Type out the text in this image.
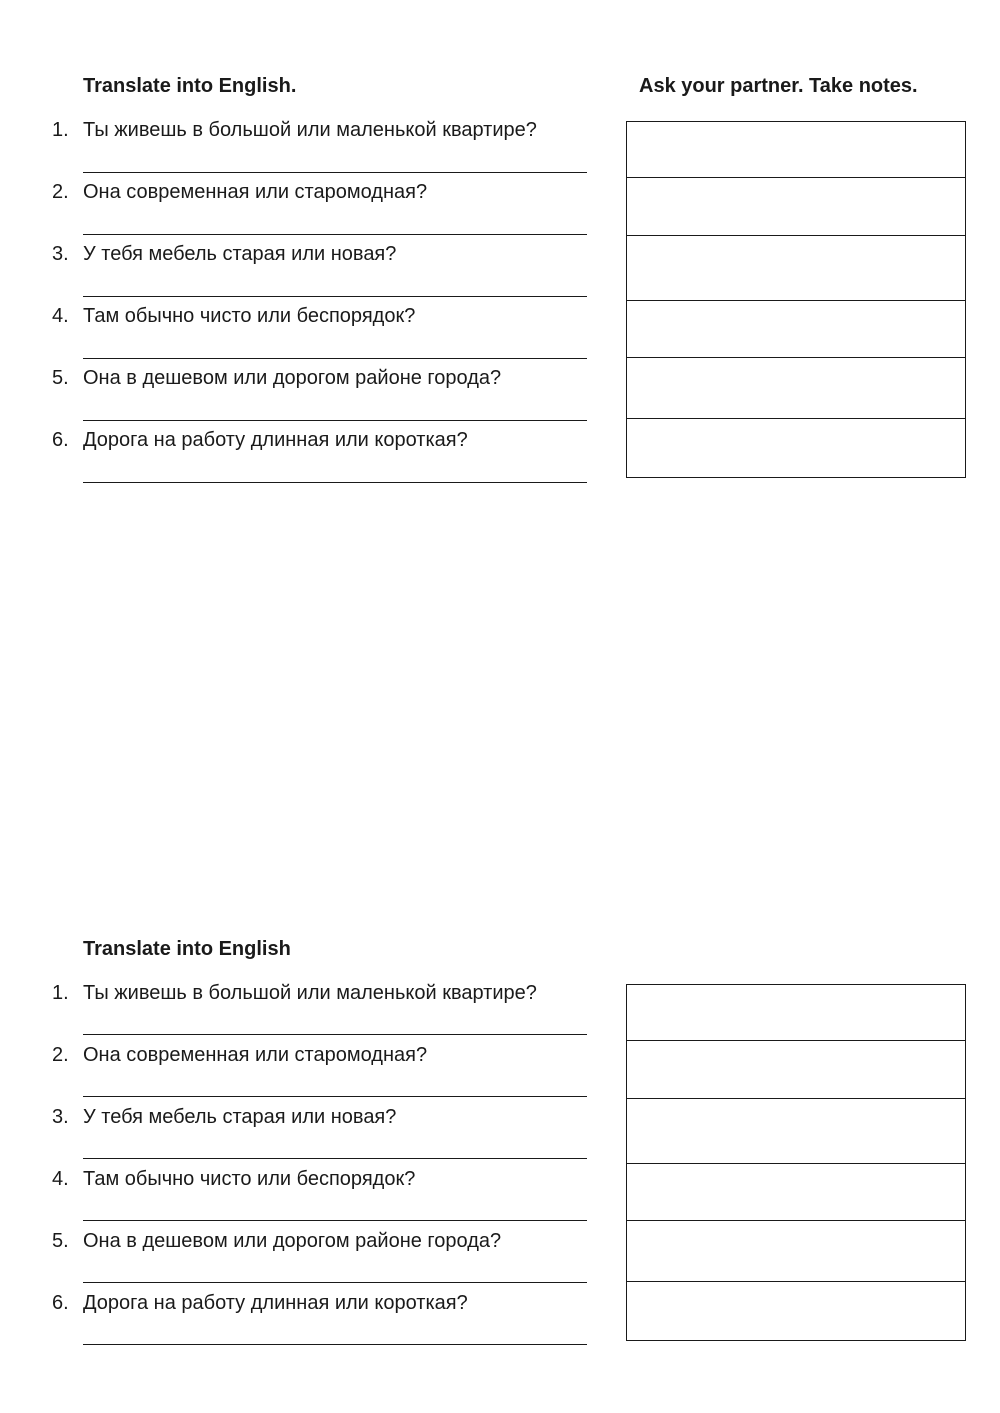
Translate into English.	Ask your partner. Take notes.
1. Ты живешь в большой или маленькой квартире?
2. Она современная или старомодная?
3. У тебя мебель старая или новая?
4. Там обычно чисто или беспорядок?
5. Она в дешевом или дорогом районе города?
6. Дорога на работу длинная или короткая?
Translate into English
1. Ты живешь в большой или маленькой квартире?
2. Она современная или старомодная?
3. У тебя мебель старая или новая?
4. Там обычно чисто или беспорядок?
5. Она в дешевом или дорогом районе города?
6. Дорога на работу длинная или короткая?
